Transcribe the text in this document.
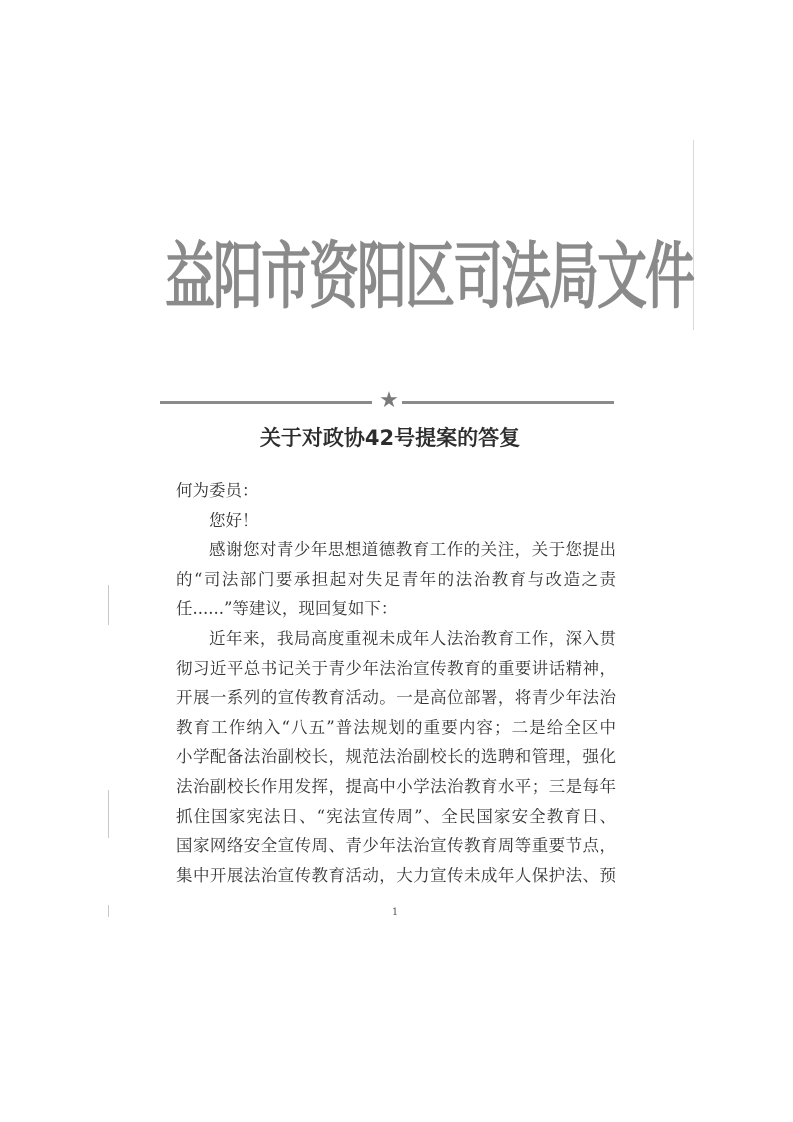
益阳市资阳区司法局文件
★
关于对政协42号提案的答复
何为委员：
您好！
感谢您对青少年思想道德教育工作的关注，关于您提出
的“司法部门要承担起对失足青年的法治教育与改造之责
任......”等建议，现回复如下：
近年来，我局高度重视未成年人法治教育工作，深入贯
彻习近平总书记关于青少年法治宣传教育的重要讲话精神，
开展一系列的宣传教育活动。一是高位部署，将青少年法治
教育工作纳入“八五”普法规划的重要内容；二是给全区中
小学配备法治副校长，规范法治副校长的选聘和管理，强化
法治副校长作用发挥，提高中小学法治教育水平；三是每年
抓住国家宪法日、“宪法宣传周”、全民国家安全教育日、
国家网络安全宣传周、青少年法治宣传教育周等重要节点，
集中开展法治宣传教育活动，大力宣传未成年人保护法、预
1
